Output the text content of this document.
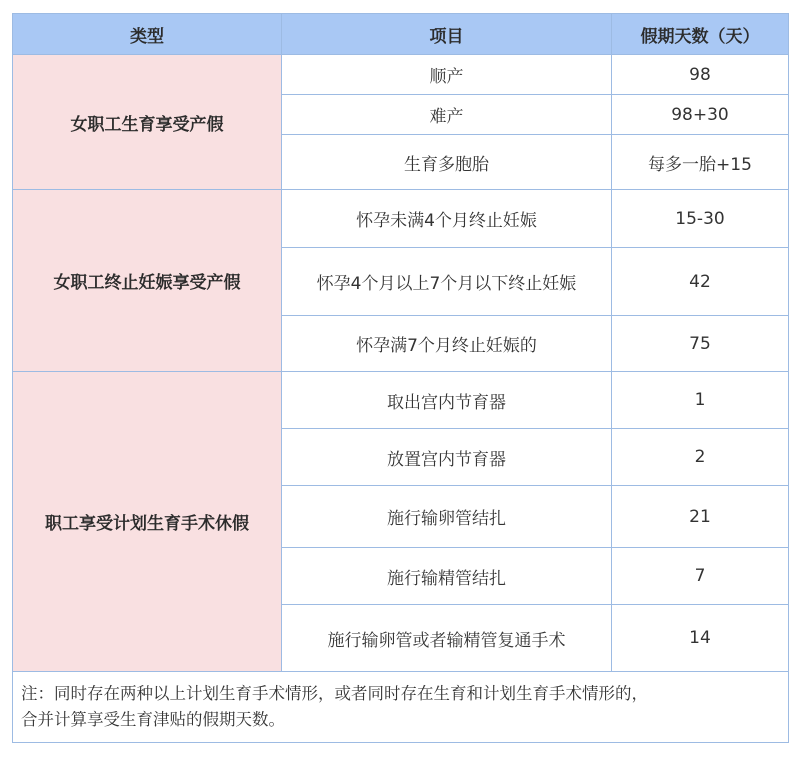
类型	项目	假期天数（天）
女职工生育享受产假	顺产	98
	难产	98+30
	生育多胞胎	每多一胎+15
女职工终止妊娠享受产假	怀孕未满4个月终止妊娠	15-30
	怀孕4个月以上7个月以下终止妊娠	42
	怀孕满7个月终止妊娠的	75
职工享受计划生育手术休假	取出宫内节育器	1
	放置宫内节育器	2
	施行输卵管结扎	21
	施行输精管结扎	7
	施行输卵管或者输精管复通手术	14

注：同时存在两种以上计划生育手术情形，或者同时存在生育和计划生育手术情形的，
合并计算享受生育津贴的假期天数。		
